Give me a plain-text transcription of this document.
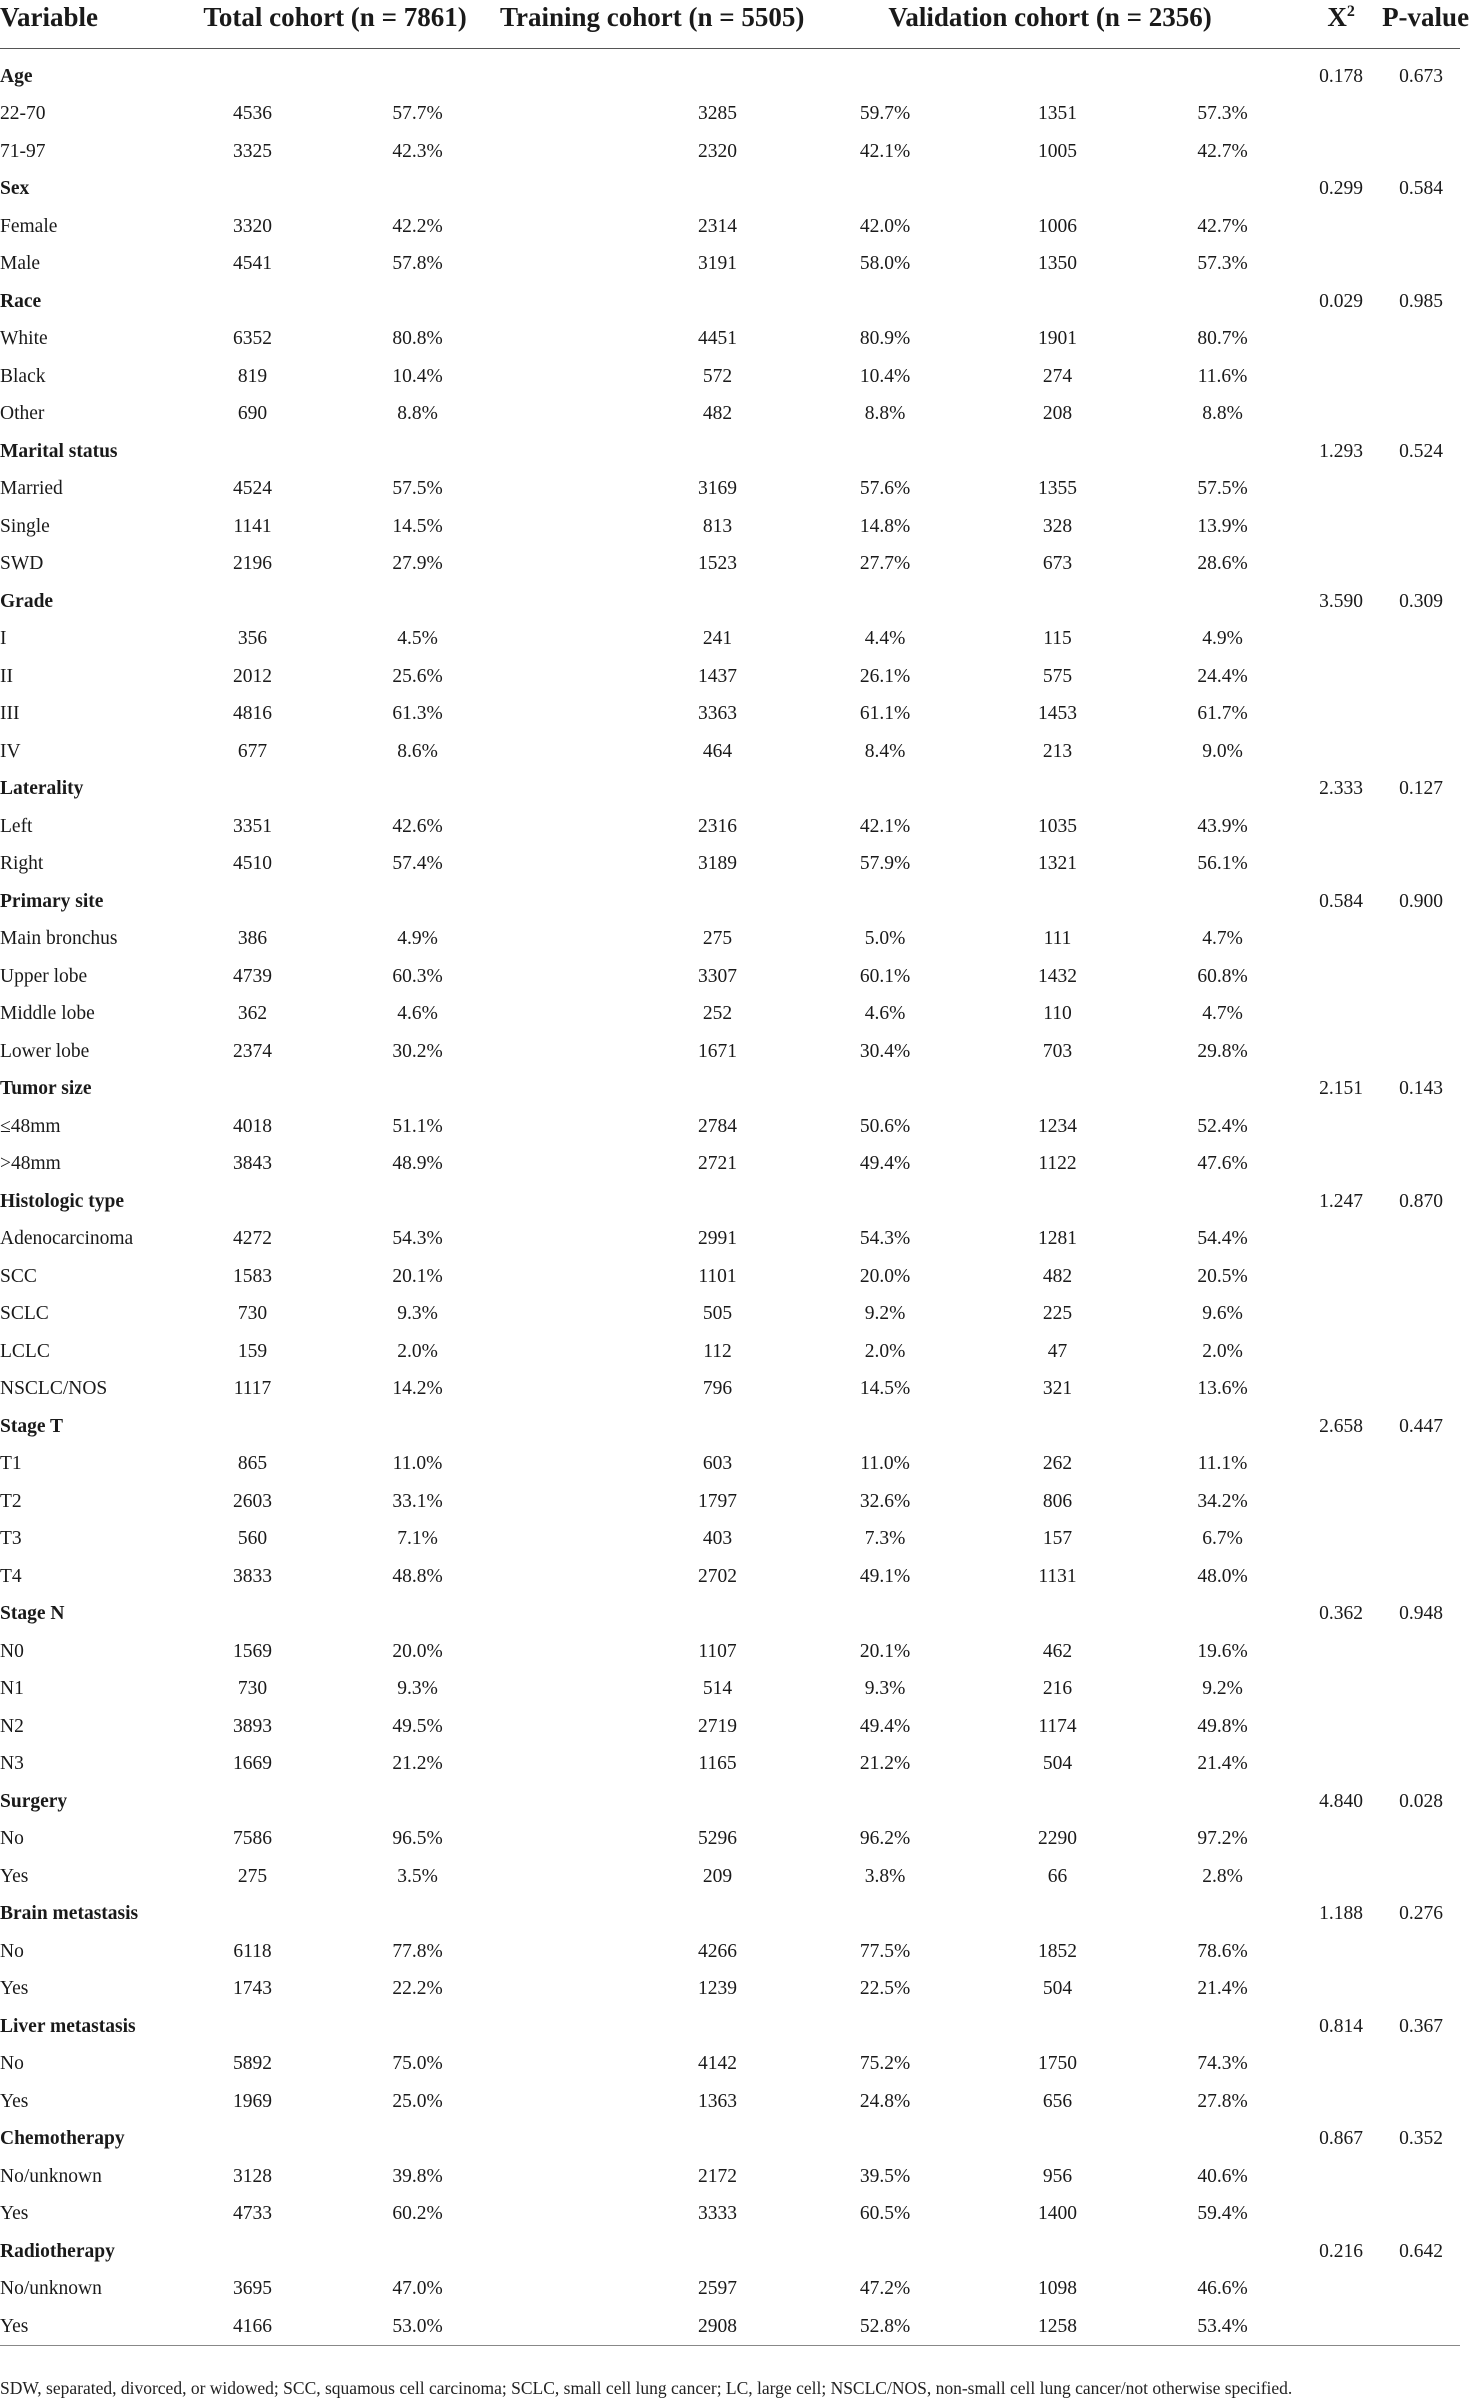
Variable	Total cohort (n = 7861)		Training cohort (n = 5505)		Validation cohort (n = 2356)			$X^2$	P-value

Age								0.178	0.673
22-70	4536	57.7%		3285	59.7%	1351	57.3%		
71-97	3325	42.3%		2320	42.1%	1005	42.7%		
Sex								0.299	0.584
Female	3320	42.2%		2314	42.0%	1006	42.7%		
Male	4541	57.8%		3191	58.0%	1350	57.3%		
Race								0.029	0.985
White	6352	80.8%		4451	80.9%	1901	80.7%		
Black	819	10.4%		572	10.4%	274	11.6%		
Other	690	8.8%		482	8.8%	208	8.8%		
Marital status								1.293	0.524
Married	4524	57.5%		3169	57.6%	1355	57.5%		
Single	1141	14.5%		813	14.8%	328	13.9%		
SWD	2196	27.9%		1523	27.7%	673	28.6%		
Grade								3.590	0.309
I	356	4.5%		241	4.4%	115	4.9%		
II	2012	25.6%		1437	26.1%	575	24.4%		
III	4816	61.3%		3363	61.1%	1453	61.7%		
IV	677	8.6%		464	8.4%	213	9.0%		
Laterality								2.333	0.127
Left	3351	42.6%		2316	42.1%	1035	43.9%		
Right	4510	57.4%		3189	57.9%	1321	56.1%		
Primary site								0.584	0.900
Main bronchus	386	4.9%		275	5.0%	111	4.7%		
Upper lobe	4739	60.3%		3307	60.1%	1432	60.8%		
Middle lobe	362	4.6%		252	4.6%	110	4.7%		
Lower lobe	2374	30.2%		1671	30.4%	703	29.8%		
Tumor size								2.151	0.143
≤48mm	4018	51.1%		2784	50.6%	1234	52.4%		
>48mm	3843	48.9%		2721	49.4%	1122	47.6%		
Histologic type								1.247	0.870
Adenocarcinoma	4272	54.3%		2991	54.3%	1281	54.4%		
SCC	1583	20.1%		1101	20.0%	482	20.5%		
SCLC	730	9.3%		505	9.2%	225	9.6%		
LCLC	159	2.0%		112	2.0%	47	2.0%		
NSCLC/NOS	1117	14.2%		796	14.5%	321	13.6%		
Stage T								2.658	0.447
T1	865	11.0%		603	11.0%	262	11.1%		
T2	2603	33.1%		1797	32.6%	806	34.2%		
T3	560	7.1%		403	7.3%	157	6.7%		
T4	3833	48.8%		2702	49.1%	1131	48.0%		
Stage N								0.362	0.948
N0	1569	20.0%		1107	20.1%	462	19.6%		
N1	730	9.3%		514	9.3%	216	9.2%		
N2	3893	49.5%		2719	49.4%	1174	49.8%		
N3	1669	21.2%		1165	21.2%	504	21.4%		
Surgery								4.840	0.028
No	7586	96.5%		5296	96.2%	2290	97.2%		
Yes	275	3.5%		209	3.8%	66	2.8%		
Brain metastasis								1.188	0.276
No	6118	77.8%		4266	77.5%	1852	78.6%		
Yes	1743	22.2%		1239	22.5%	504	21.4%		
Liver metastasis								0.814	0.367
No	5892	75.0%		4142	75.2%	1750	74.3%		
Yes	1969	25.0%		1363	24.8%	656	27.8%		
Chemotherapy								0.867	0.352
No/unknown	3128	39.8%		2172	39.5%	956	40.6%		
Yes	4733	60.2%		3333	60.5%	1400	59.4%		
Radiotherapy								0.216	0.642
No/unknown	3695	47.0%		2597	47.2%	1098	46.6%		
Yes	4166	53.0%		2908	52.8%	1258	53.4%		
SDW, separated, divorced, or widowed; SCC, squamous cell carcinoma; SCLC, small cell lung cancer; LC, large cell; NSCLC/NOS, non-small cell lung cancer/not otherwise specified.
